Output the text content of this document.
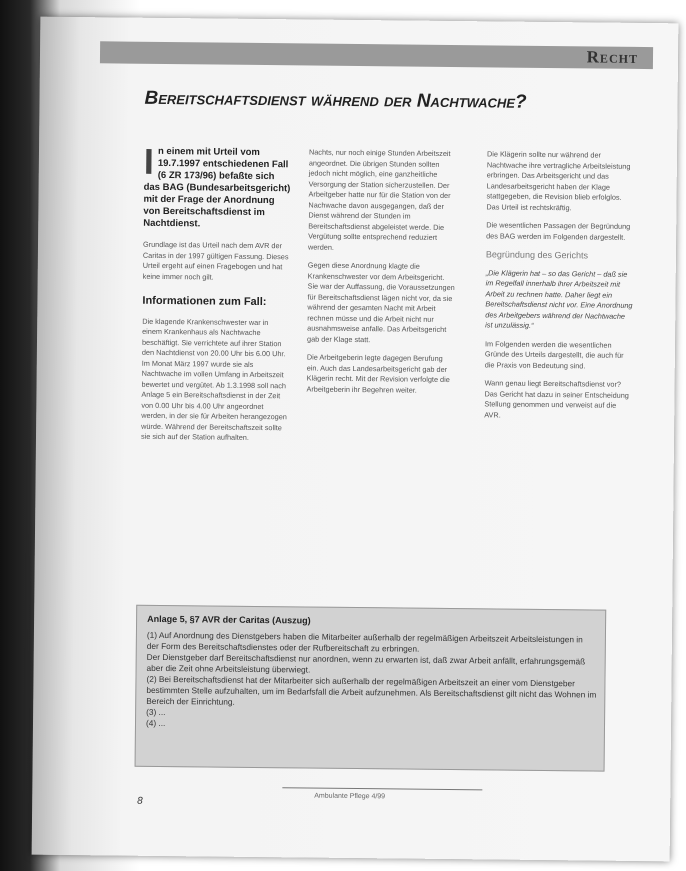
Recht
Bereitschaftsdienst während der Nachtwache?
In einem mit Urteil vom 19.7.1997 entschiedenen Fall (6 ZR 173/96) befaßte sich das BAG (Bundesarbeitsgericht) mit der Frage der Anordnung von Bereitschaftsdienst im Nachtdienst.

Grundlage ist das Urteil nach dem AVR der Caritas in der 1997 gültigen Fassung. Dieses Urteil ergeht auf einen Fragebogen und hat keine immer noch gilt.

Informationen zum Fall:

Die klagende Krankenschwester war in einem Krankenhaus als Nachtwache beschäftigt. Sie verrichtete auf ihrer Station den Nachtdienst von 20.00 Uhr bis 6.00 Uhr. Im Monat März 1997 wurde sie als Nachtwache im vollen Umfang in Arbeitszeit bewertet und vergütet. Ab 1.3.1998 soll nach Anlage 5 ein Bereitschaftsdienst in der Zeit von 0.00 Uhr bis 4.00 Uhr angeordnet werden, in der sie für Arbeiten herangezogen würde. Während der Bereitschaftszeit sollte sie sich auf der Station aufhalten.

Nachts, nur noch einige Stunden Arbeitszeit angeordnet. Die übrigen Stunden sollten jedoch nicht möglich, eine ganzheitliche Versorgung der Station sicherzustellen. Der Arbeitgeber hatte nur für die Station von der Nachwache davon ausgegangen, daß der Dienst während der Stunden im Bereitschaftsdienst abgeleistet werde. Die Vergütung sollte entsprechend reduziert werden.

Gegen diese Anordnung klagte die Krankenschwester vor dem Arbeitsgericht. Sie war der Auffassung, die Voraussetzungen für Bereitschaftsdienst lägen nicht vor, da sie während der gesamten Nacht mit Arbeit rechnen müsse und die Arbeit nicht nur ausnahmsweise anfalle. Das Arbeitsgericht gab der Klage statt.

Die Arbeitgeberin legte dagegen Berufung ein. Auch das Landesarbeitsgericht gab der Klägerin recht. Mit der Revision verfolgte die Arbeitgeberin ihr Begehren weiter.

Die Klägerin sollte nur während der Nachtwache ihre vertragliche Arbeitsleistung erbringen. Das Arbeitsgericht und das Landesarbeitsgericht haben der Klage stattgegeben, die Revision blieb erfolglos. Das Urteil ist rechtskräftig.

Die wesentlichen Passagen der Begründung des BAG werden im Folgenden dargestellt.

Begründung des Gerichts

„Die Klägerin hat – so das Gericht – daß sie im Regelfall innerhalb ihrer Arbeitszeit mit Arbeit zu rechnen hatte. Daher liegt ein Bereitschaftsdienst nicht vor. Eine Anordnung des Arbeitgebers während der Nachtwache ist unzulässig.“

Im Folgenden werden die wesentlichen Gründe des Urteils dargestellt, die auch für die Praxis von Bedeutung sind.

Wann genau liegt Bereitschaftsdienst vor? Das Gericht hat dazu in seiner Entscheidung Stellung genommen und verweist auf die AVR.

Anlage 5, §7 AVR der Caritas (Auszug)
(1) Auf Anordnung des Dienstgebers haben die Mitarbeiter außerhalb der regelmäßigen Arbeitszeit Arbeitsleistungen in der Form des Bereitschaftsdienstes oder der Rufbereitschaft zu erbringen.
Der Dienstgeber darf Bereitschaftsdienst nur anordnen, wenn zu erwarten ist, daß zwar Arbeit anfällt, erfahrungsgemäß aber die Zeit ohne Arbeitsleistung überwiegt.
(2) Bei Bereitschaftsdienst hat der Mitarbeiter sich außerhalb der regelmäßigen Arbeitszeit an einer vom Dienstgeber bestimmten Stelle aufzuhalten, um im Bedarfsfall die Arbeit aufzunehmen. Als Bereitschaftsdienst gilt nicht das Wohnen im Bereich der Einrichtung.
(3) ...
(4) ...
8	Ambulante Pflege 4/99
